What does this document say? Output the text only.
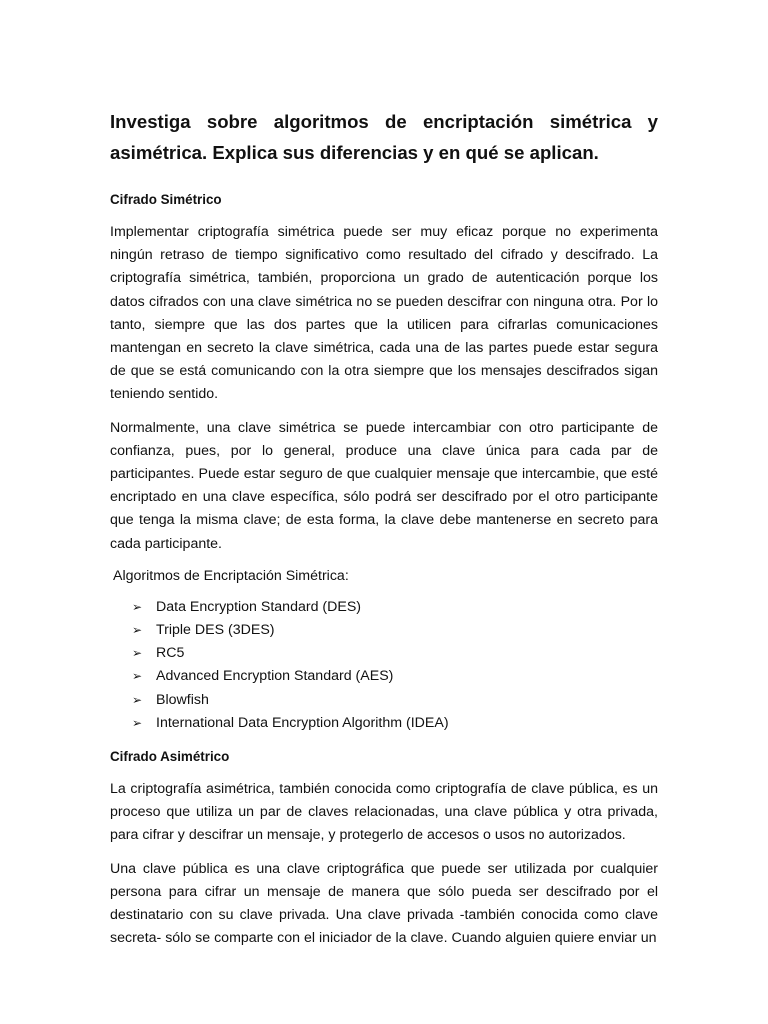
Investiga sobre algoritmos de encriptación simétrica y asimétrica. Explica sus diferencias y en qué se aplican.
Cifrado Simétrico

Implementar criptografía simétrica puede ser muy eficaz porque no experimenta ningún retraso de tiempo significativo como resultado del cifrado y descifrado. La criptografía simétrica, también, proporciona un grado de autenticación porque los datos cifrados con una clave simétrica no se pueden descifrar con ninguna otra. Por lo tanto, siempre que las dos partes que la utilicen para cifrarlas comunicaciones mantengan en secreto la clave simétrica, cada una de las partes puede estar segura de que se está comunicando con la otra siempre que los mensajes descifrados sigan teniendo sentido.

Normalmente, una clave simétrica se puede intercambiar con otro participante de confianza, pues, por lo general, produce una clave única para cada par de participantes. Puede estar seguro de que cualquier mensaje que intercambie, que esté encriptado en una clave específica, sólo podrá ser descifrado por el otro participante que tenga la misma clave; de esta forma, la clave debe mantenerse en secreto para cada participante.

Algoritmos de Encriptación Simétrica:
➢ Data Encryption Standard (DES)
➢ Triple DES (3DES)
➢ RC5
➢ Advanced Encryption Standard (AES)
➢ Blowfish
➢ International Data Encryption Algorithm (IDEA)
Cifrado Asimétrico

La criptografía asimétrica, también conocida como criptografía de clave pública, es un proceso que utiliza un par de claves relacionadas, una clave pública y otra privada, para cifrar y descifrar un mensaje, y protegerlo de accesos o usos no autorizados.

Una clave pública es una clave criptográfica que puede ser utilizada por cualquier persona para cifrar un mensaje de manera que sólo pueda ser descifrado por el destinatario con su clave privada. Una clave privada -también conocida como clave secreta- sólo se comparte con el iniciador de la clave. Cuando alguien quiere enviar un
